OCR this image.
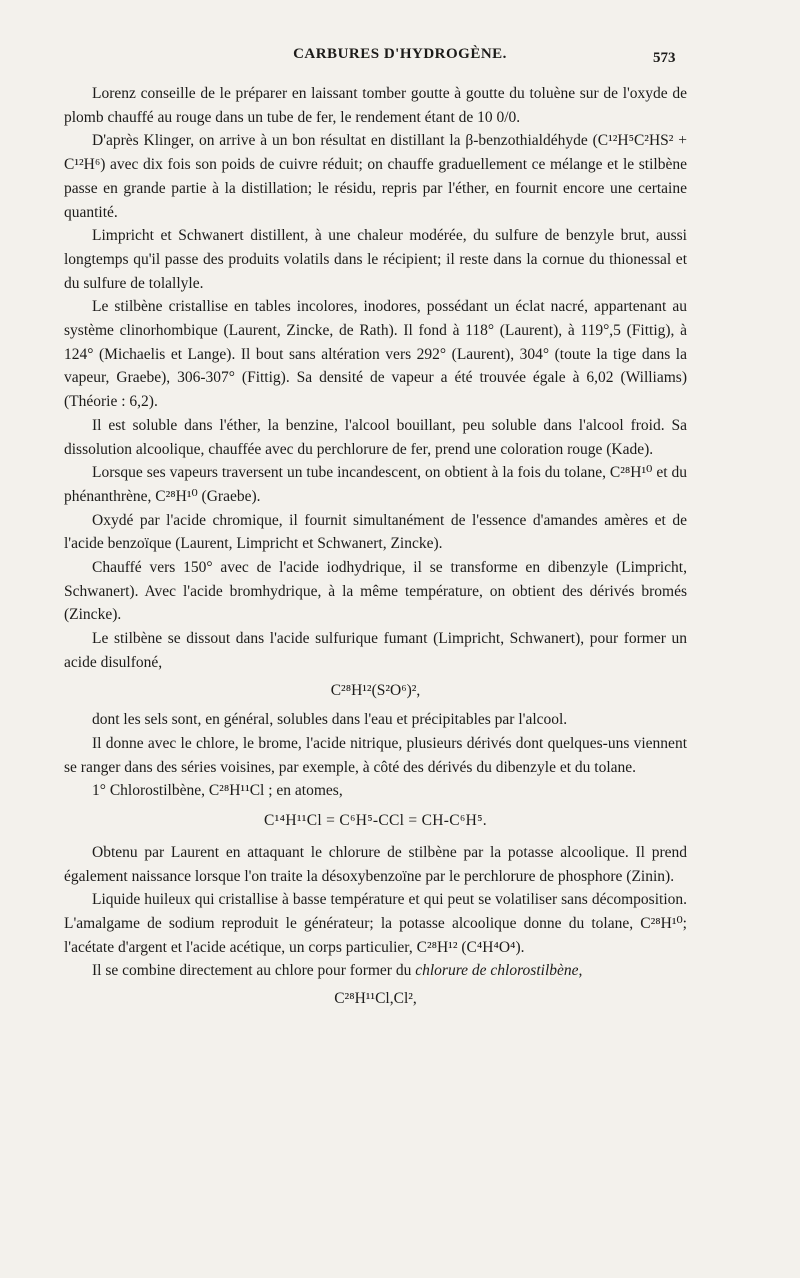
CARBURES D'HYDROGÈNE.	573

Lorenz conseille de le préparer en laissant tomber goutte à goutte du toluène sur de l'oxyde de plomb chauffé au rouge dans un tube de fer, le rendement étant de 10 0/0.

D'après Klinger, on arrive à un bon résultat en distillant la β-benzothialdéhyde (C¹²H⁵C²HS² + C¹²H⁶) avec dix fois son poids de cuivre réduit; on chauffe graduellement ce mélange et le stilbène passe en grande partie à la distillation; le résidu, repris par l'éther, en fournit encore une certaine quantité.

Limpricht et Schwanert distillent, à une chaleur modérée, du sulfure de benzyle brut, aussi longtemps qu'il passe des produits volatils dans le récipient; il reste dans la cornue du thionessal et du sulfure de tolallyle.

Le stilbène cristallise en tables incolores, inodores, possédant un éclat nacré, appartenant au système clinorhombique (Laurent, Zincke, de Rath). Il fond à 118° (Laurent), à 119°,5 (Fittig), à 124° (Michaelis et Lange). Il bout sans altération vers 292° (Laurent), 304° (toute la tige dans la vapeur, Graebe), 306-307° (Fittig). Sa densité de vapeur a été trouvée égale à 6,02 (Williams) (Théorie : 6,2).

Il est soluble dans l'éther, la benzine, l'alcool bouillant, peu soluble dans l'alcool froid. Sa dissolution alcoolique, chauffée avec du perchlorure de fer, prend une coloration rouge (Kade).

Lorsque ses vapeurs traversent un tube incandescent, on obtient à la fois du tolane, C²⁸H¹⁰ et du phénanthrène, C²⁸H¹⁰ (Graebe).

Oxydé par l'acide chromique, il fournit simultanément de l'essence d'amandes amères et de l'acide benzoïque (Laurent, Limpricht et Schwanert, Zincke).

Chauffé vers 150° avec de l'acide iodhydrique, il se transforme en dibenzyle (Limpricht, Schwanert). Avec l'acide bromhydrique, à la même température, on obtient des dérivés bromés (Zincke).

Le stilbène se dissout dans l'acide sulfurique fumant (Limpricht, Schwanert), pour former un acide disulfoné,

C²⁸H¹²(S²O⁶)²,

dont les sels sont, en général, solubles dans l'eau et précipitables par l'alcool.

Il donne avec le chlore, le brome, l'acide nitrique, plusieurs dérivés dont quelques-uns viennent se ranger dans des séries voisines, par exemple, à côté des dérivés du dibenzyle et du tolane.

1° Chlorostilbène, C²⁸H¹¹Cl ; en atomes,

C¹⁴H¹¹Cl = C⁶H⁵-CCl = CH-C⁶H⁵.

Obtenu par Laurent en attaquant le chlorure de stilbène par la potasse alcoolique. Il prend également naissance lorsque l'on traite la désoxybenzoïne par le perchlorure de phosphore (Zinin).

Liquide huileux qui cristallise à basse température et qui peut se volatiliser sans décomposition. L'amalgame de sodium reproduit le générateur; la potasse alcoolique donne du tolane, C²⁸H¹⁰; l'acétate d'argent et l'acide acétique, un corps particulier, C²⁸H¹² (C⁴H⁴O⁴).

Il se combine directement au chlore pour former du chlorure de chlorostilbène,

C²⁸H¹¹Cl,Cl²,
